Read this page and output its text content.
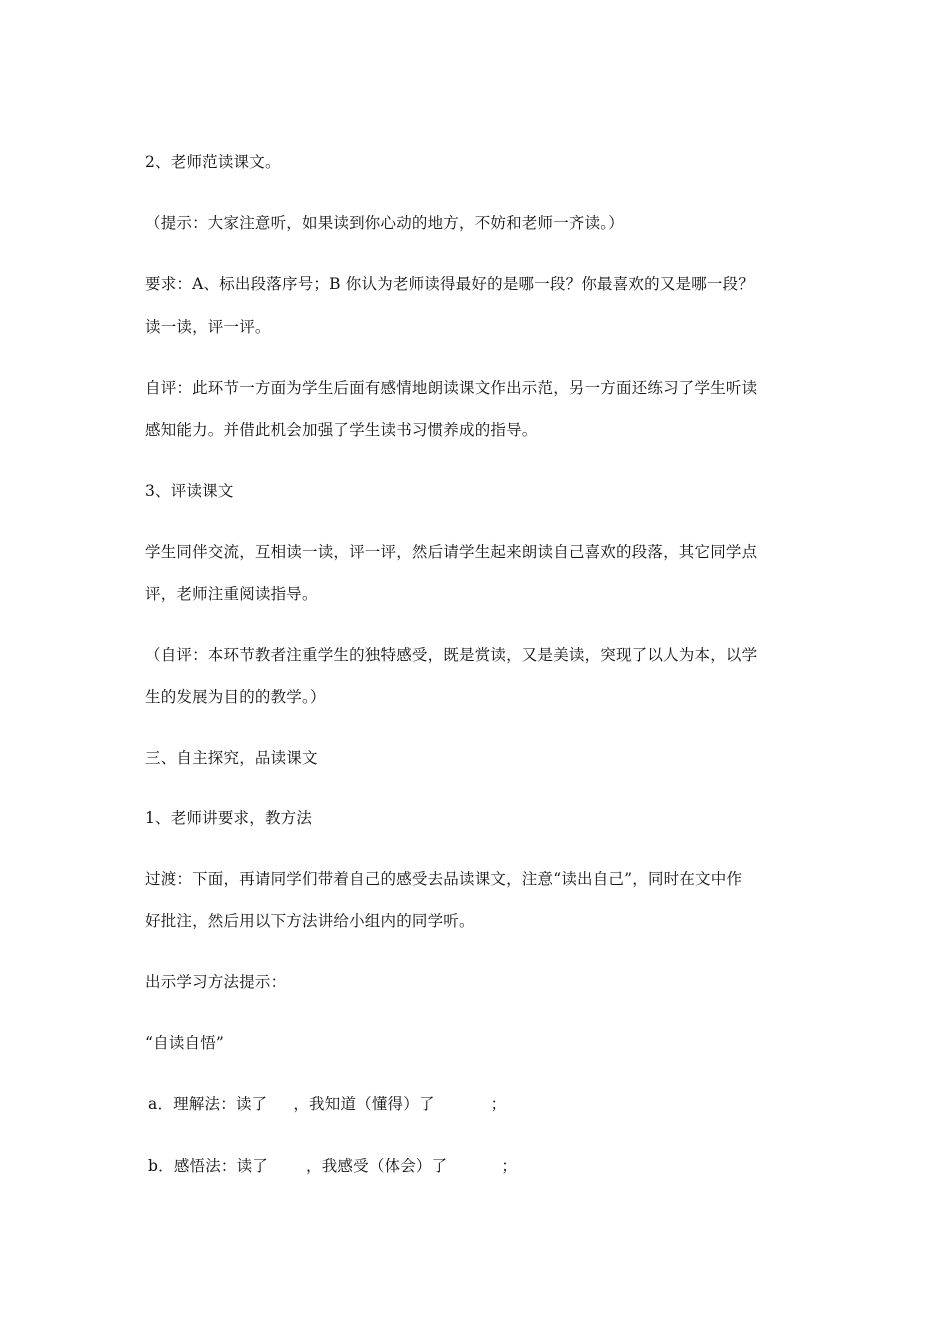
2、老师范读课文。
（提示：大家注意听，如果读到你心动的地方，不妨和老师一齐读。）
要求：A、标出段落序号；B 你认为老师读得最好的是哪一段？你最喜欢的又是哪一段？
读一读，评一评。
自评：此环节一方面为学生后面有感情地朗读课文作出示范，另一方面还练习了学生听读
感知能力。并借此机会加强了学生读书习惯养成的指导。
3、评读课文
学生同伴交流，互相读一读，评一评，然后请学生起来朗读自己喜欢的段落，其它同学点
评，老师注重阅读指导。
（自评：本环节教者注重学生的独特感受，既是赏读，又是美读，突现了以人为本，以学
生的发展为目的的教学。）
三、自主探究，品读课文
1、老师讲要求，教方法
过渡：下面，再请同学们带着自己的感受去品读课文，注意“读出自己”，同时在文中作
好批注，然后用以下方法讲给小组内的同学听。
出示学习方法提示：
“自读自悟”
a．理解法：读了 ，我知道（懂得）了	；
b．感悟法：读了 ，我感受（体会）了	；
